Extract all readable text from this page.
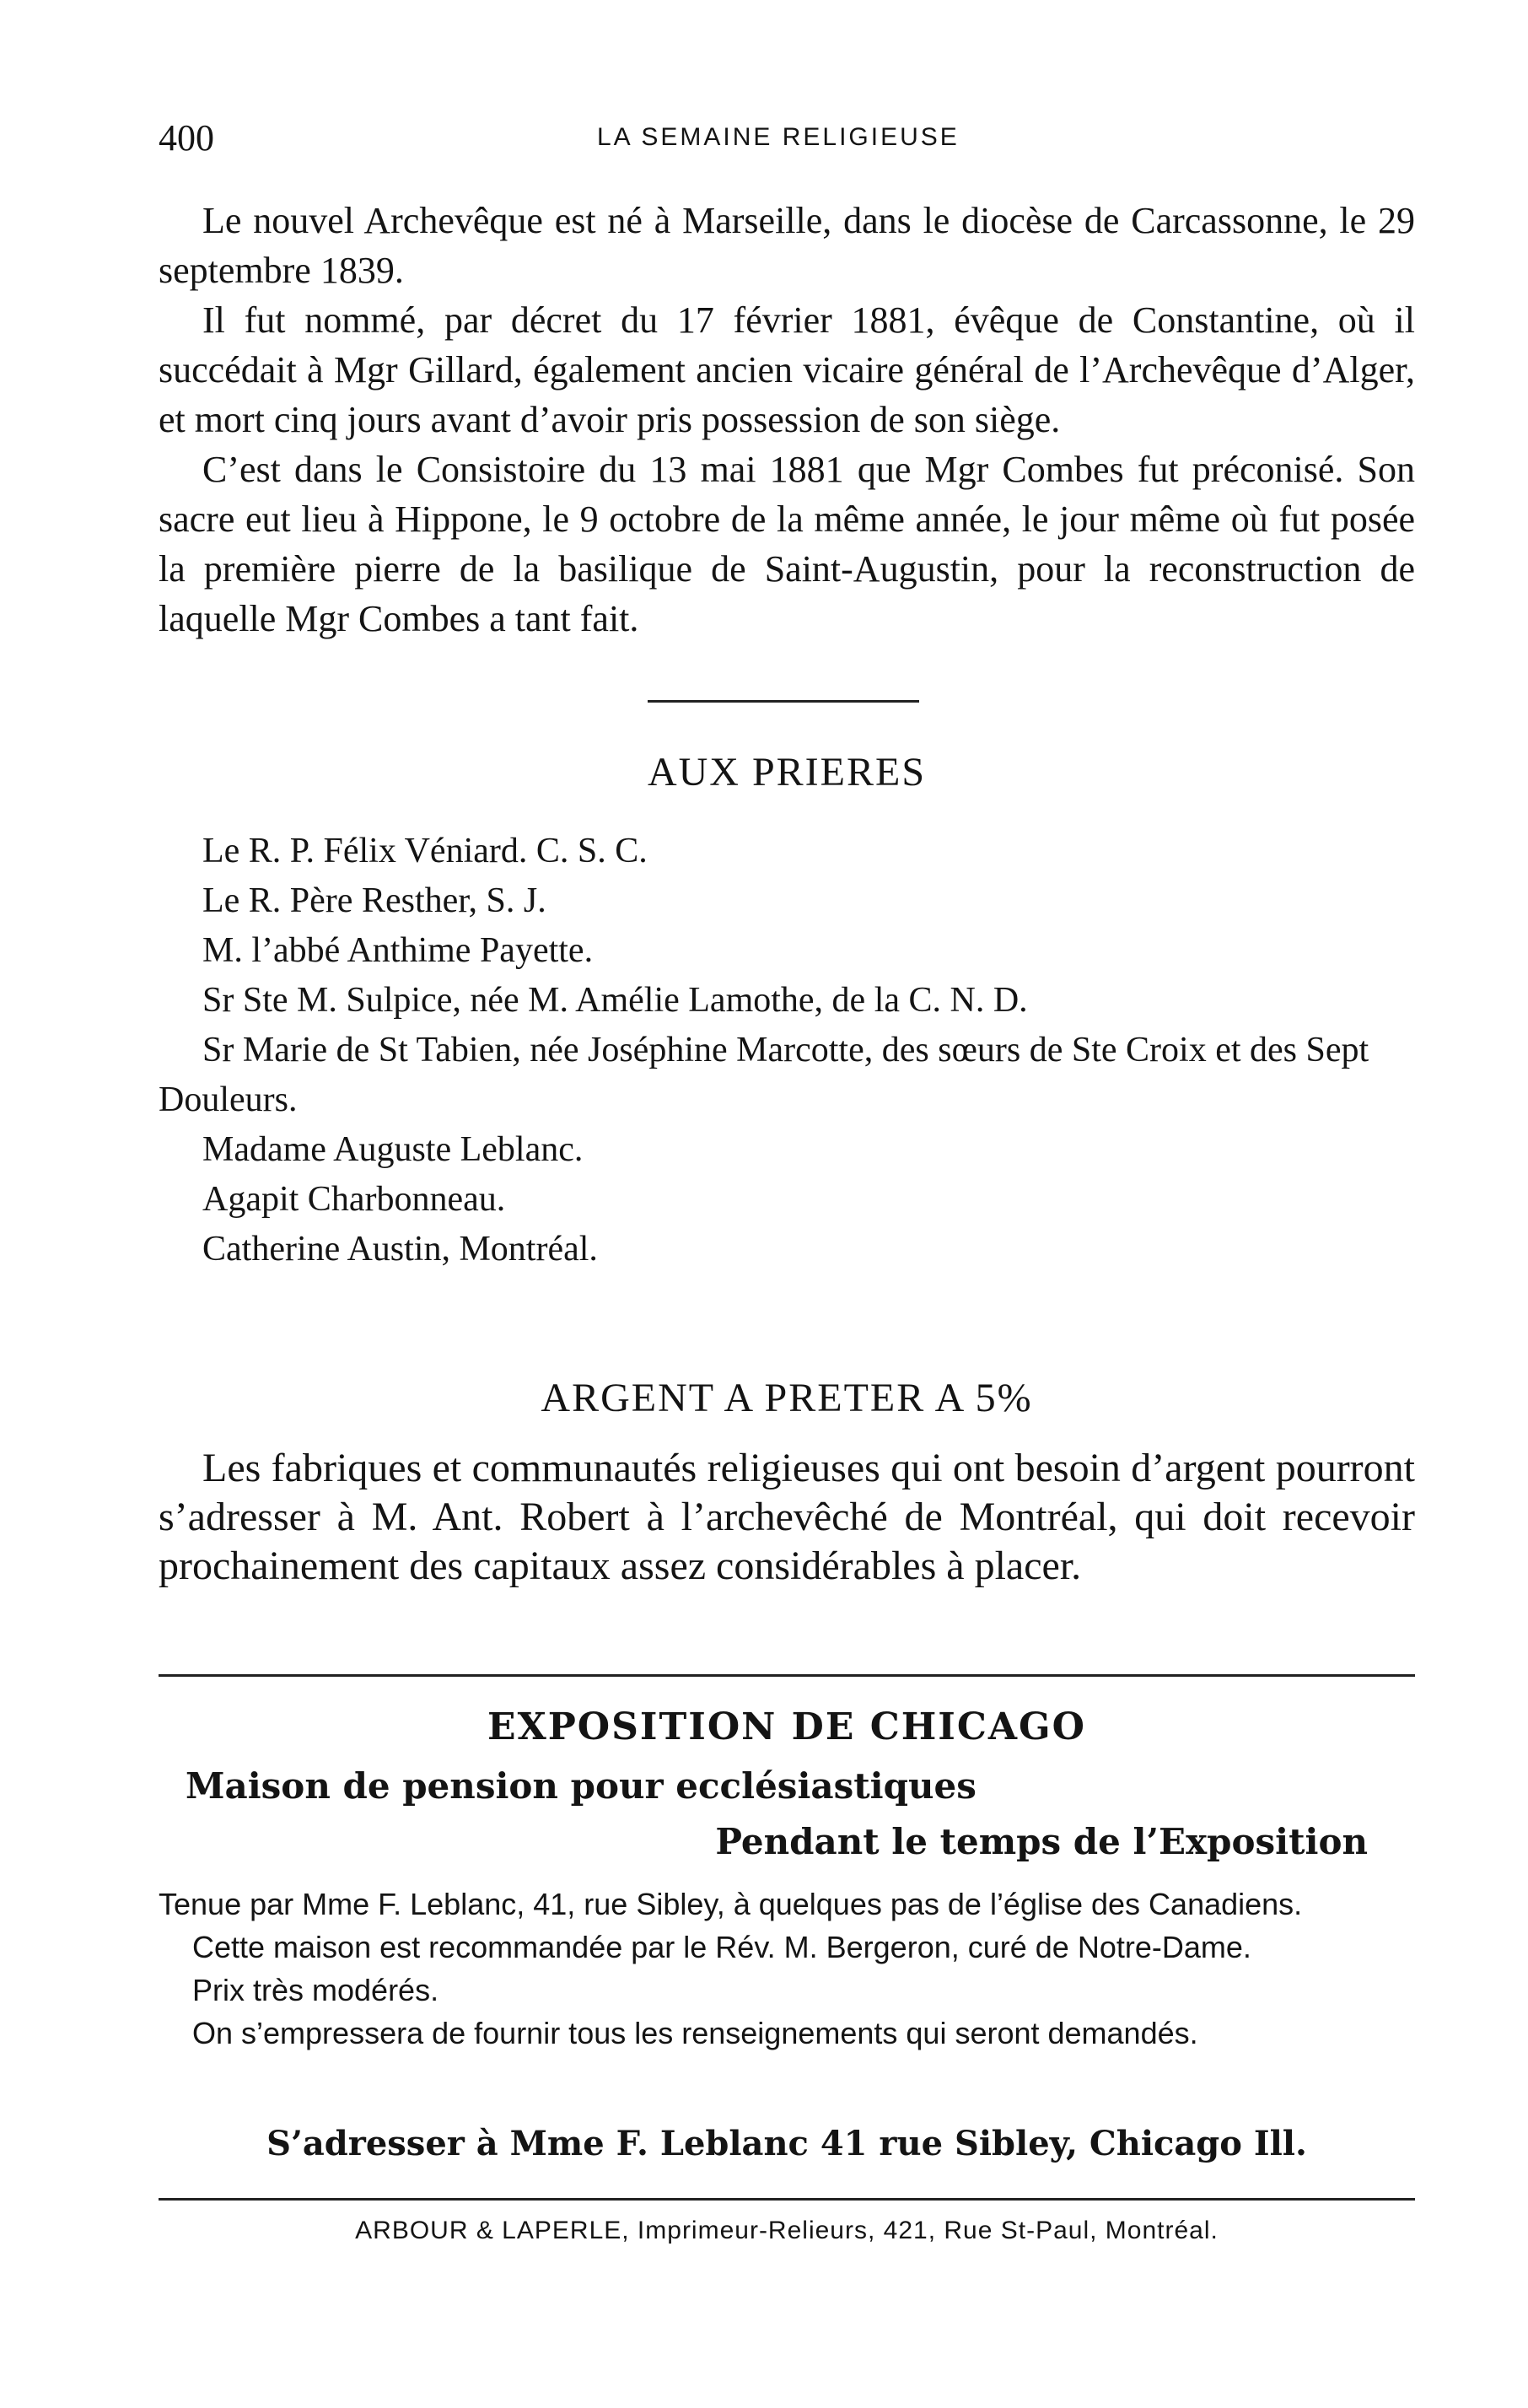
400	LA SEMAINE RELIGIEUSE

Le nouvel Archevêque est né à Marseille, dans le diocèse de Carcassonne, le 29 septembre 1839.

Il fut nommé, par décret du 17 février 1881, évêque de Constantine, où il succédait à Mgr Gillard, également ancien vicaire général de l’Archevêque d’Alger, et mort cinq jours avant d’avoir pris possession de son siège.

C’est dans le Consistoire du 13 mai 1881 que Mgr Combes fut préconisé. Son sacre eut lieu à Hippone, le 9 octobre de la même année, le jour même où fut posée la première pierre de la basilique de Saint-Augustin, pour la reconstruction de laquelle Mgr Combes a tant fait.

AUX PRIERES

Le R. P. Félix Véniard. C. S. C.

Le R. Père Resther, S. J.

M. l’abbé Anthime Payette.

Sr Ste M. Sulpice, née M. Amélie Lamothe, de la C. N. D.

Sr Marie de St Tabien, née Joséphine Marcotte, des sœurs de Ste Croix et des Sept Douleurs.

Madame Auguste Leblanc.

Agapit Charbonneau.

Catherine Austin, Montréal.

ARGENT A PRETER A 5%

Les fabriques et communautés religieuses qui ont besoin d’argent pourront s’adresser à M. Ant. Robert à l’archevêché de Montréal, qui doit recevoir prochainement des capitaux assez considérables à placer.

EXPOSITION DE CHICAGO
Maison de pension pour ecclésiastiques
Pendant le temps de l’Exposition

Tenue par Mme F. Leblanc, 41, rue Sibley, à quelques pas de l’église des Canadiens.

Cette maison est recommandée par le Rév. M. Bergeron, curé de Notre-Dame.

Prix très modérés.

On s’empressera de fournir tous les renseignements qui seront demandés.

S’adresser à Mme F. Leblanc 41 rue Sibley, Chicago Ill.
ARBOUR & LAPERLE, Imprimeur-Relieurs, 421, Rue St-Paul, Montréal.
